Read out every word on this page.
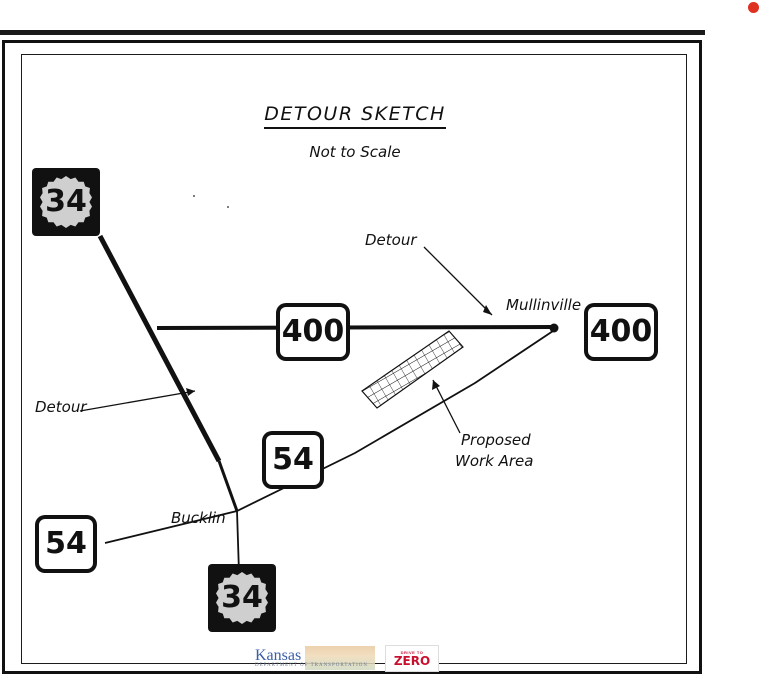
DETOUR SKETCH
Not to Scale
34
400	400
54
54
34
Detour
Detour
Mullinville
Bucklin
Proposed
Work Area
Kansas
DEPARTMENT OF TRANSPORTATION
DRIVE TO
ZERO
